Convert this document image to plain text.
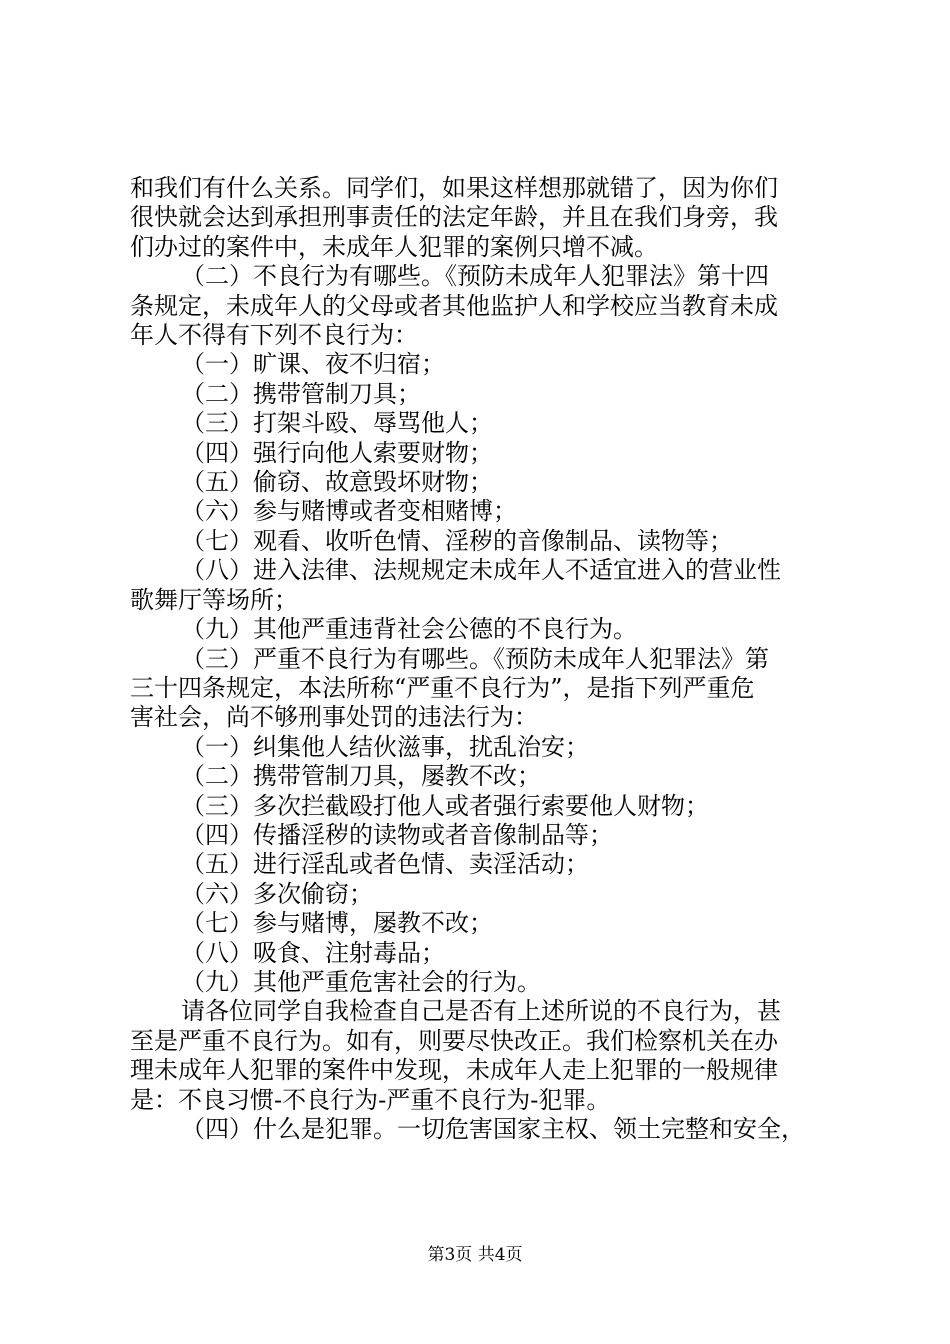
和我们有什么关系。同学们，如果这样想那就错了，因为你们
很快就会达到承担刑事责任的法定年龄，并且在我们身旁，我
们办过的案件中，未成年人犯罪的案例只增不减。
（二）不良行为有哪些。《预防未成年人犯罪法》第十四
条规定，未成年人的父母或者其他监护人和学校应当教育未成
年人不得有下列不良行为：
（一）旷课、夜不归宿；
（二）携带管制刀具；
（三）打架斗殴、辱骂他人；
（四）强行向他人索要财物；
（五）偷窃、故意毁坏财物；
（六）参与赌博或者变相赌博；
（七）观看、收听色情、淫秽的音像制品、读物等；
（八）进入法律、法规规定未成年人不适宜进入的营业性
歌舞厅等场所；
（九）其他严重违背社会公德的不良行为。
（三）严重不良行为有哪些。《预防未成年人犯罪法》第
三十四条规定，本法所称“严重不良行为”，是指下列严重危
害社会，尚不够刑事处罚的违法行为：
（一）纠集他人结伙滋事，扰乱治安；
（二）携带管制刀具，屡教不改；
（三）多次拦截殴打他人或者强行索要他人财物；
（四）传播淫秽的读物或者音像制品等；
（五）进行淫乱或者色情、卖淫活动；
（六）多次偷窃；
（七）参与赌博，屡教不改；
（八）吸食、注射毒品；
（九）其他严重危害社会的行为。
请各位同学自我检查自己是否有上述所说的不良行为，甚
至是严重不良行为。如有，则要尽快改正。我们检察机关在办
理未成年人犯罪的案件中发现，未成年人走上犯罪的一般规律
是：不良习惯-不良行为-严重不良行为-犯罪。
（四）什么是犯罪。一切危害国家主权、领土完整和安全，
第3页 共4页
